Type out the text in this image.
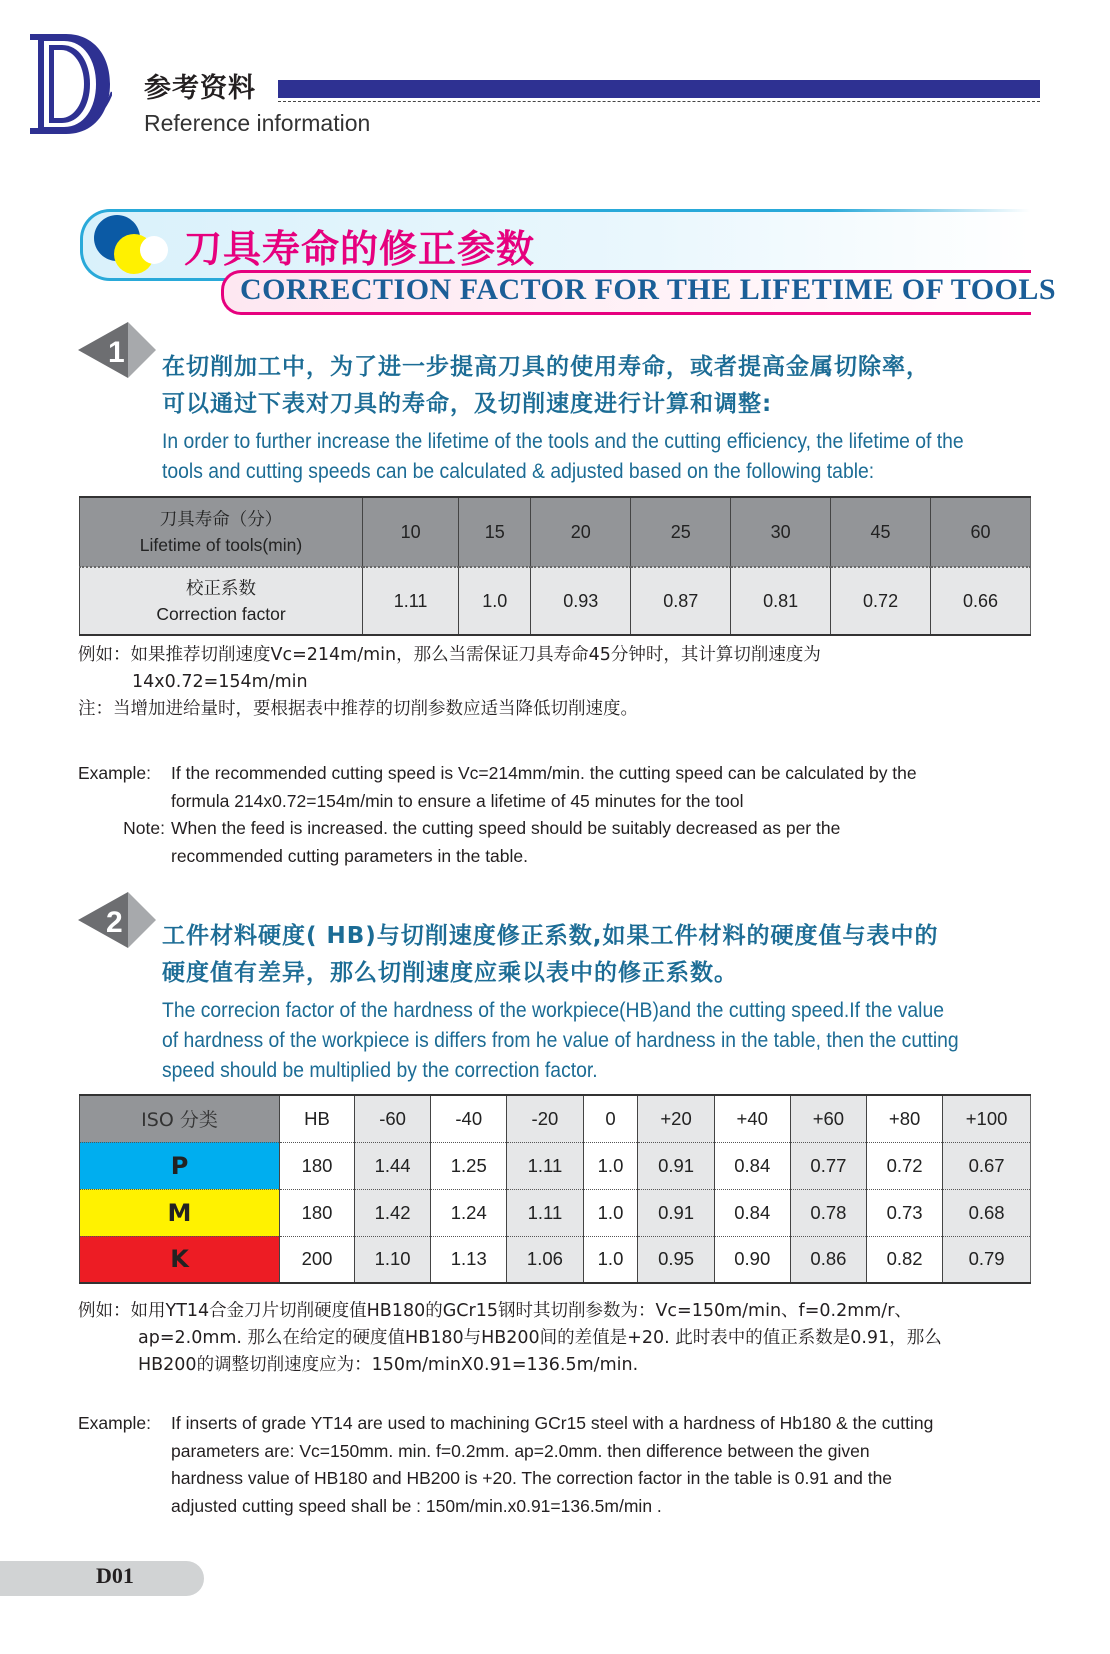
参考资料
Reference information
刀具寿命的修正参数
CORRECTION FACTOR FOR THE LIFETIME OF TOOLS
1 在切削加工中，为了进一步提高刀具的使用寿命，或者提高金属切除率，
可以通过下表对刀具的寿命，及切削速度进行计算和调整:
In order to further increase the lifetime of the tools and the cutting efficiency, the lifetime of the
tools and cutting speeds can be calculated & adjusted based on the following table:
刀具寿命（分）
Lifetime of tools(min)	10	15	20	25	30	45	60

校正系数
Correction factor	1.11	1.0	0.93	0.87	0.81	0.72	0.66
例如：如果推荐切削速度Vc=214m/min，那么当需保证刀具寿命45分钟时，其计算切削速度为
14x0.72=154m/min
注：当增加进给量时，要根据表中推荐的切削参数应适当降低切削速度。
Example:	If the recommended cutting speed is Vc=214mm/min. the cutting speed can be calculated by the
formula 214x0.72=154m/min to ensure a lifetime of 45 minutes for the tool
Note: When the feed is increased. the cutting speed should be suitably decreased as per the
recommended cutting parameters in the table.
2 工件材料硬度( HB)与切削速度修正系数,如果工件材料的硬度值与表中的
硬度值有差异，那么切削速度应乘以表中的修正系数。
The correcion factor of the hardness of the workpiece(HB)and the cutting speed.If the value
of hardness of the workpiece is differs from he value of hardness in the table, then the cutting
speed should be multiplied by the correction factor.
ISO 分类	HB	-60	-40	-20	0	+20	+40	+60	+80	+100
P	180	1.44	1.25	1.11	1.0	0.91	0.84	0.77	0.72	0.67
M	180	1.42	1.24	1.11	1.0	0.91	0.84	0.78	0.73	0.68
K	200	1.10	1.13	1.06	1.0	0.95	0.90	0.86	0.82	0.79
例如：如用YT14合金刀片切削硬度值HB180的GCr15钢时其切削参数为：Vc=150m/min、f=0.2mm/r、
ap=2.0mm. 那么在给定的硬度值HB180与HB200间的差值是+20. 此时表中的值正系数是0.91，那么
HB200的调整切削速度应为：150m/minX0.91=136.5m/min.
Example:	If inserts of grade YT14 are used to machining GCr15 steel with a hardness of Hb180 & the cutting
parameters are: Vc=150mm. min. f=0.2mm. ap=2.0mm. then difference between the given
hardness value of HB180 and HB200 is +20. The correction factor in the table is 0.91 and the
adjusted cutting speed shall be : 150m/min.x0.91=136.5m/min .
D01
